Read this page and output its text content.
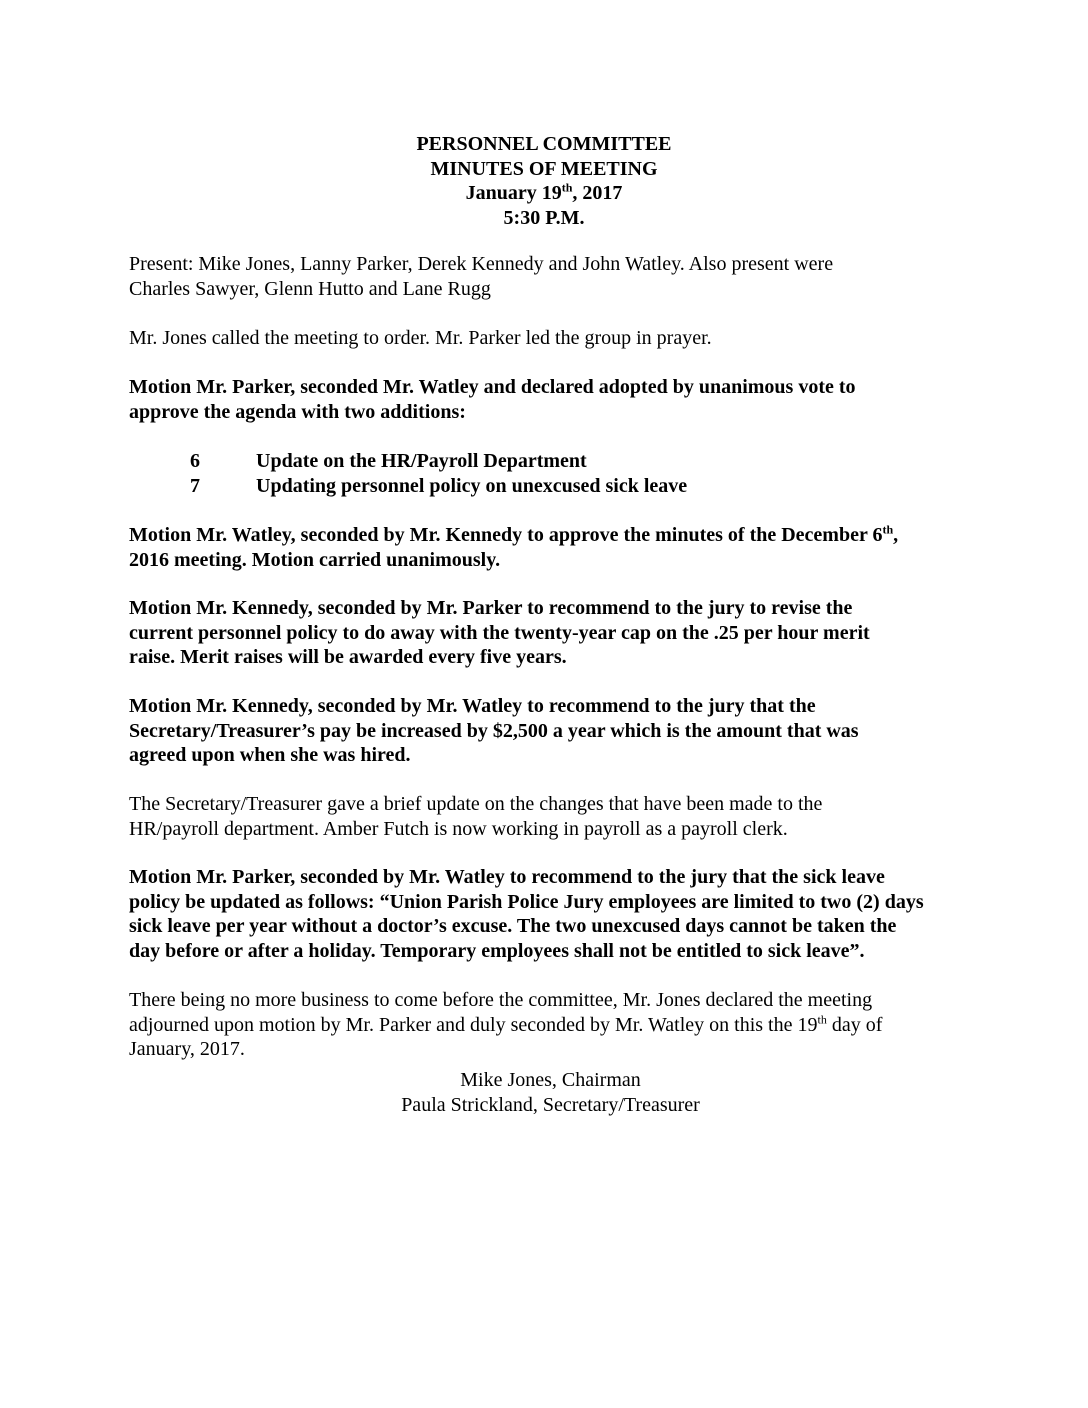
PERSONNEL COMMITTEE
MINUTES OF MEETING
January 19th, 2017
5:30 P.M.
Present: Mike Jones, Lanny Parker, Derek Kennedy and John Watley. Also present were
Charles Sawyer, Glenn Hutto and Lane Rugg
Mr. Jones called the meeting to order. Mr. Parker led the group in prayer.
Motion Mr. Parker, seconded Mr. Watley and declared adopted by unanimous vote to
approve the agenda with two additions:
6	Update on the HR/Payroll Department
7	Updating personnel policy on unexcused sick leave
Motion Mr. Watley, seconded by Mr. Kennedy to approve the minutes of the December 6th,
2016 meeting. Motion carried unanimously.
Motion Mr. Kennedy, seconded by Mr. Parker to recommend to the jury to revise the
current personnel policy to do away with the twenty-year cap on the .25 per hour merit
raise. Merit raises will be awarded every five years.
Motion Mr. Kennedy, seconded by Mr. Watley to recommend to the jury that the
Secretary/Treasurer’s pay be increased by $2,500 a year which is the amount that was
agreed upon when she was hired.
The Secretary/Treasurer gave a brief update on the changes that have been made to the
HR/payroll department. Amber Futch is now working in payroll as a payroll clerk.
Motion Mr. Parker, seconded by Mr. Watley to recommend to the jury that the sick leave
policy be updated as follows: “Union Parish Police Jury employees are limited to two (2) days
sick leave per year without a doctor’s excuse. The two unexcused days cannot be taken the
day before or after a holiday. Temporary employees shall not be entitled to sick leave”.
There being no more business to come before the committee, Mr. Jones declared the meeting
adjourned upon motion by Mr. Parker and duly seconded by Mr. Watley on this the 19th day of
January, 2017.
Mike Jones, Chairman
Paula Strickland, Secretary/Treasurer
